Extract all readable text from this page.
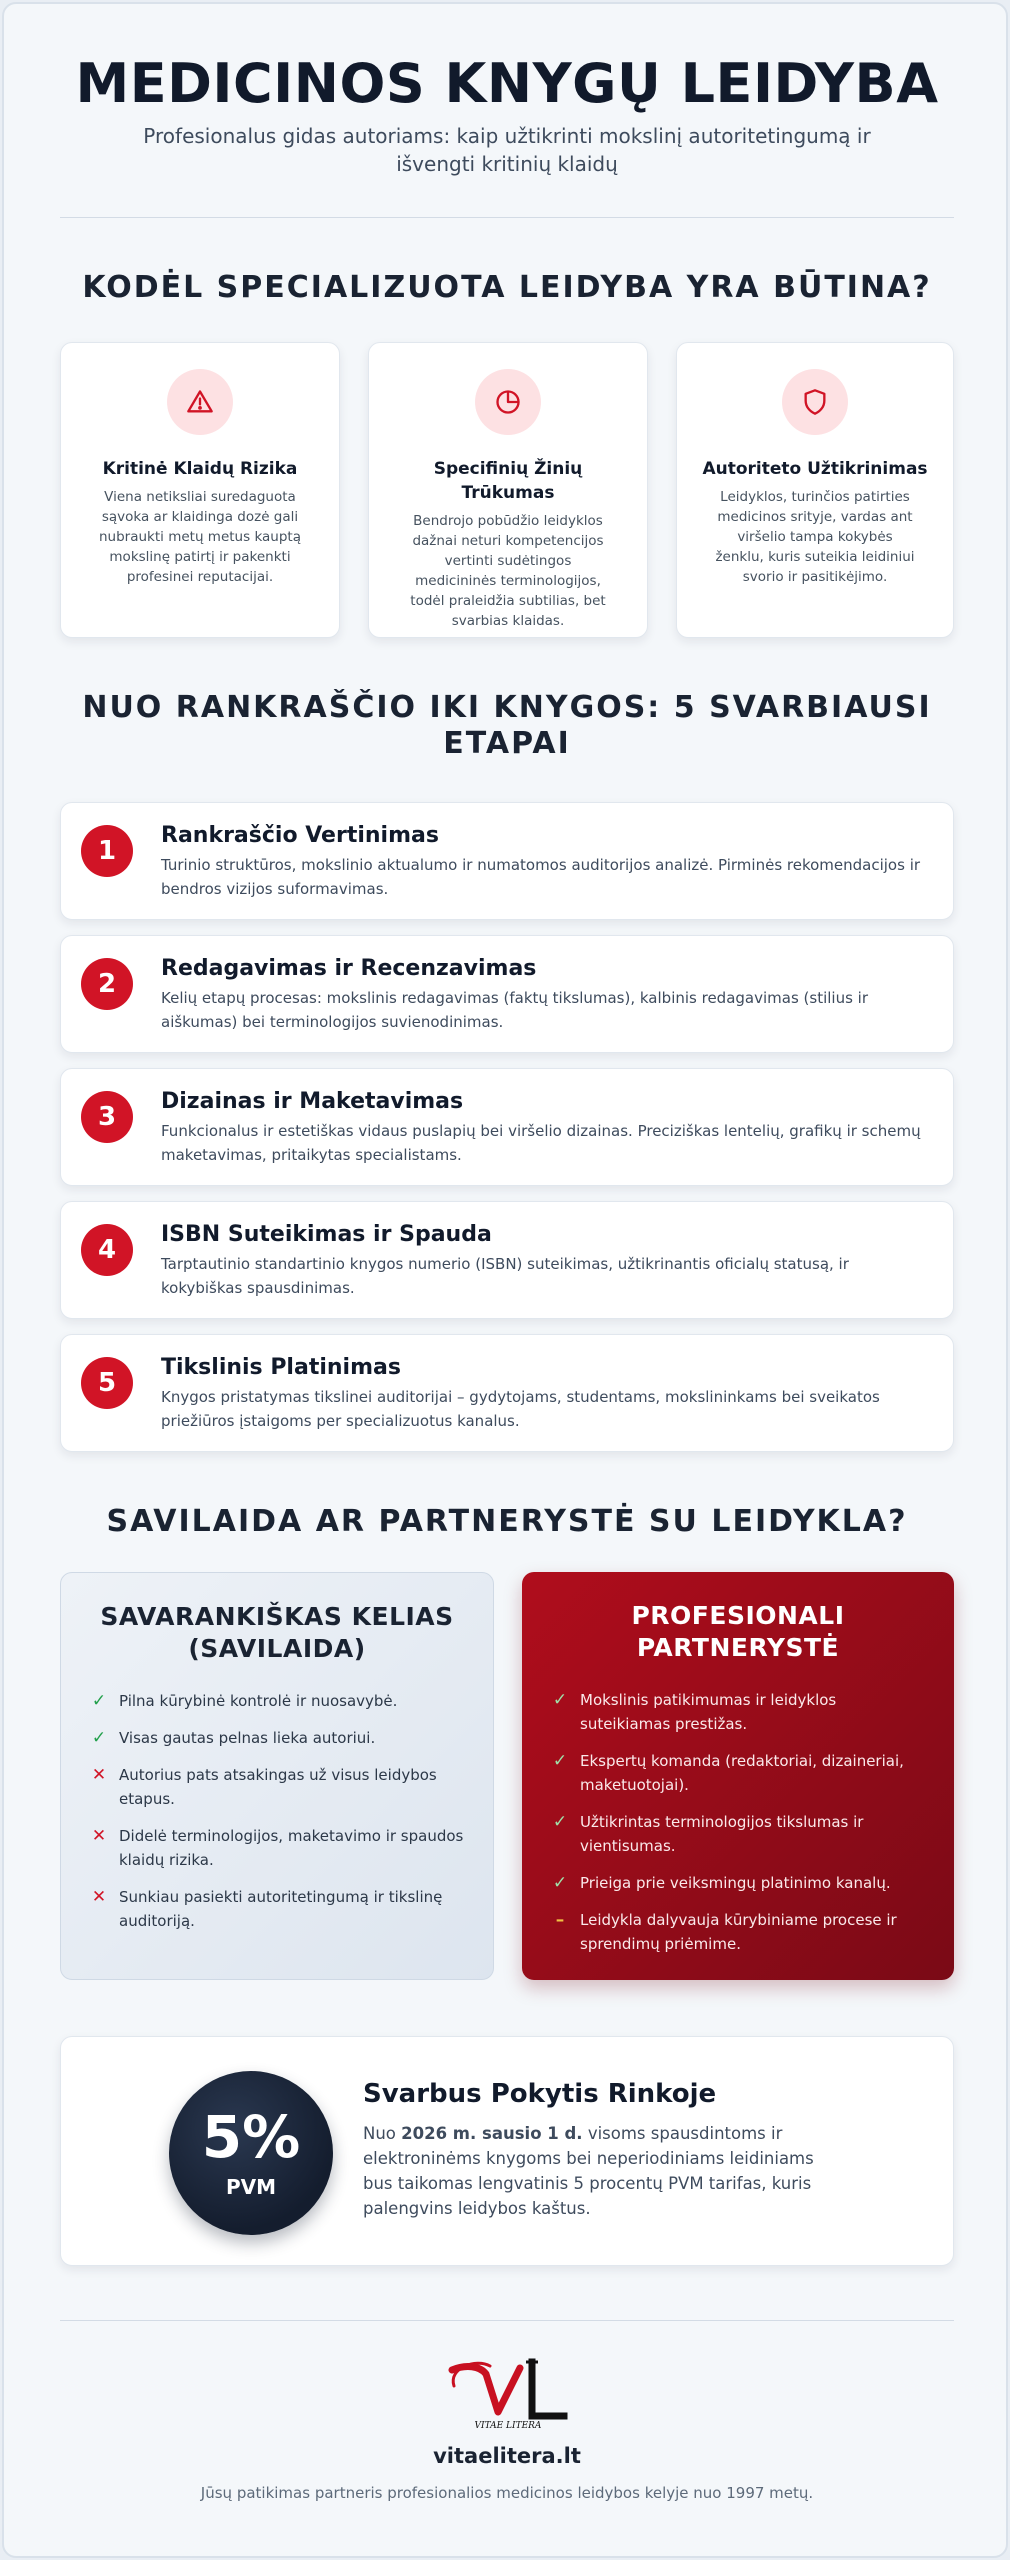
MEDICINOS KNYGŲ LEIDYBA
Profesionalus gidas autoriams: kaip užtikrinti mokslinį autoritetingumą ir išvengti kritinių klaidų
KODĖL SPECIALIZUOTA LEIDYBA YRA BŪTINA?
Kritinė Klaidų Rizika
Viena netiksliai suredaguota sąvoka ar klaidinga dozė gali nubraukti metų metus kauptą mokslinę patirtį ir pakenkti profesinei reputacijai.
Specifinių Žinių Trūkumas
Bendrojo pobūdžio leidyklos dažnai neturi kompetencijos vertinti sudėtingos medicininės terminologijos, todėl praleidžia subtilias, bet svarbias klaidas.
Autoriteto Užtikrinimas
Leidyklos, turinčios patirties medicinos srityje, vardas ant viršelio tampa kokybės ženklu, kuris suteikia leidiniui svorio ir pasitikėjimo.
NUO RANKRAŠČIO IKI KNYGOS: 5 SVARBIAUSI ETAPAI
1
Rankraščio Vertinimas
Turinio struktūros, mokslinio aktualumo ir numatomos auditorijos analizė. Pirminės rekomendacijos ir bendros vizijos suformavimas.
2
Redagavimas ir Recenzavimas
Kelių etapų procesas: mokslinis redagavimas (faktų tikslumas), kalbinis redagavimas (stilius ir aiškumas) bei terminologijos suvienodinimas.
3
Dizainas ir Maketavimas
Funkcionalus ir estetiškas vidaus puslapių bei viršelio dizainas. Preciziškas lentelių, grafikų ir schemų maketavimas, pritaikytas specialistams.
4
ISBN Suteikimas ir Spauda
Tarptautinio standartinio knygos numerio (ISBN) suteikimas, užtikrinantis oficialų statusą, ir kokybiškas spausdinimas.
5
Tikslinis Platinimas
Knygos pristatymas tikslinei auditorijai – gydytojams, studentams, mokslininkams bei sveikatos priežiūros įstaigoms per specializuotus kanalus.
SAVILAIDA AR PARTNERYSTĖ SU LEIDYKLA?
SAVARANKIŠKAS KELIAS (SAVILAIDA)
✓ Pilna kūrybinė kontrolė ir nuosavybė.
✓ Visas gautas pelnas lieka autoriui.
✕ Autorius pats atsakingas už visus leidybos etapus.
✕ Didelė terminologijos, maketavimo ir spaudos klaidų rizika.
✕ Sunkiau pasiekti autoritetingumą ir tikslinę auditoriją.
PROFESIONALI PARTNERYSTĖ
✓ Mokslinis patikimumas ir leidyklos suteikiamas prestižas.
✓ Ekspertų komanda (redaktoriai, dizaineriai, maketuotojai).
✓ Užtikrintas terminologijos tikslumas ir vientisumas.
✓ Prieiga prie veiksmingų platinimo kanalų.
–	Leidykla dalyvauja kūrybiniame procese ir sprendimų priėmime.
5%
PVM
Svarbus Pokytis Rinkoje
Nuo 2026 m. sausio 1 d. visoms spausdintoms ir elektroninėms knygoms bei neperiodiniams leidiniams bus taikomas lengvatinis 5 procentų PVM tarifas, kuris palengvins leidybos kaštus.
VITAE LITERA
vitaelitera.lt
Jūsų patikimas partneris profesionalios medicinos leidybos kelyje nuo 1997 metų.
